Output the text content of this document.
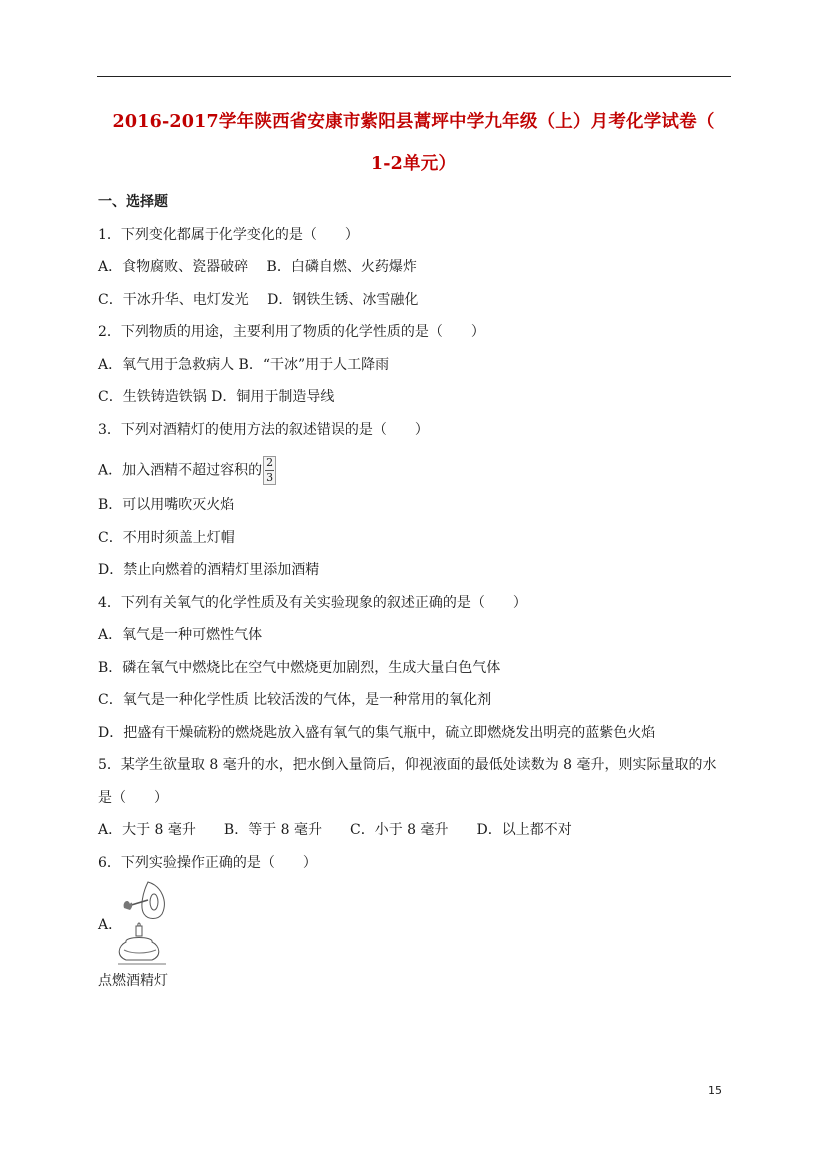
2016-2017学年陕西省安康市紫阳县蒿坪中学九年级（上）月考化学试卷（
1-2单元）
一、选择题
1．下列变化都属于化学变化的是（　　）
A．食物腐败、瓷器破碎　 B．白磷自燃、火药爆炸
C．干冰升华、电灯发光　 D．钢铁生锈、冰雪融化
2．下列物质的用途，主要利用了物质的化学性质的是（　　）
A．氧气用于急救病人 B．“干冰”用于人工降雨
C．生铁铸造铁锅 D．铜用于制造导线
3．下列对酒精灯的使用方法的叙述错误的是（　　）
A．加入酒精不超过容积的 $\frac{2}{3}$
B．可以用嘴吹灭火焰
C．不用时须盖上灯帽
D．禁止向燃着的酒精灯里添加酒精
4．下列有关氧气的化学性质及有关实验现象的叙述正确的是（　　）
A．氧气是一种可燃性气体
B．磷在氧气中燃烧比在空气中燃烧更加剧烈，生成大量白色气体
C．氧气是一种化学性质 比较活泼的气体，是一种常用的氧化剂
D．把盛有干燥硫粉的燃烧匙放入盛有氧气的集气瓶中，硫立即燃烧发出明亮的蓝紫色火焰
5．某学生欲量取 8 毫升的水，把水倒入量筒后，仰视液面的最低处读数为 8 毫升，则实际量取的水
是（　　）
A．大于 8 毫升　　B．等于 8 毫升　　C．小于 8 毫升　　D．以上都不对
6．下列实验操作正确的是（　　）
A．
点燃酒精灯
15
